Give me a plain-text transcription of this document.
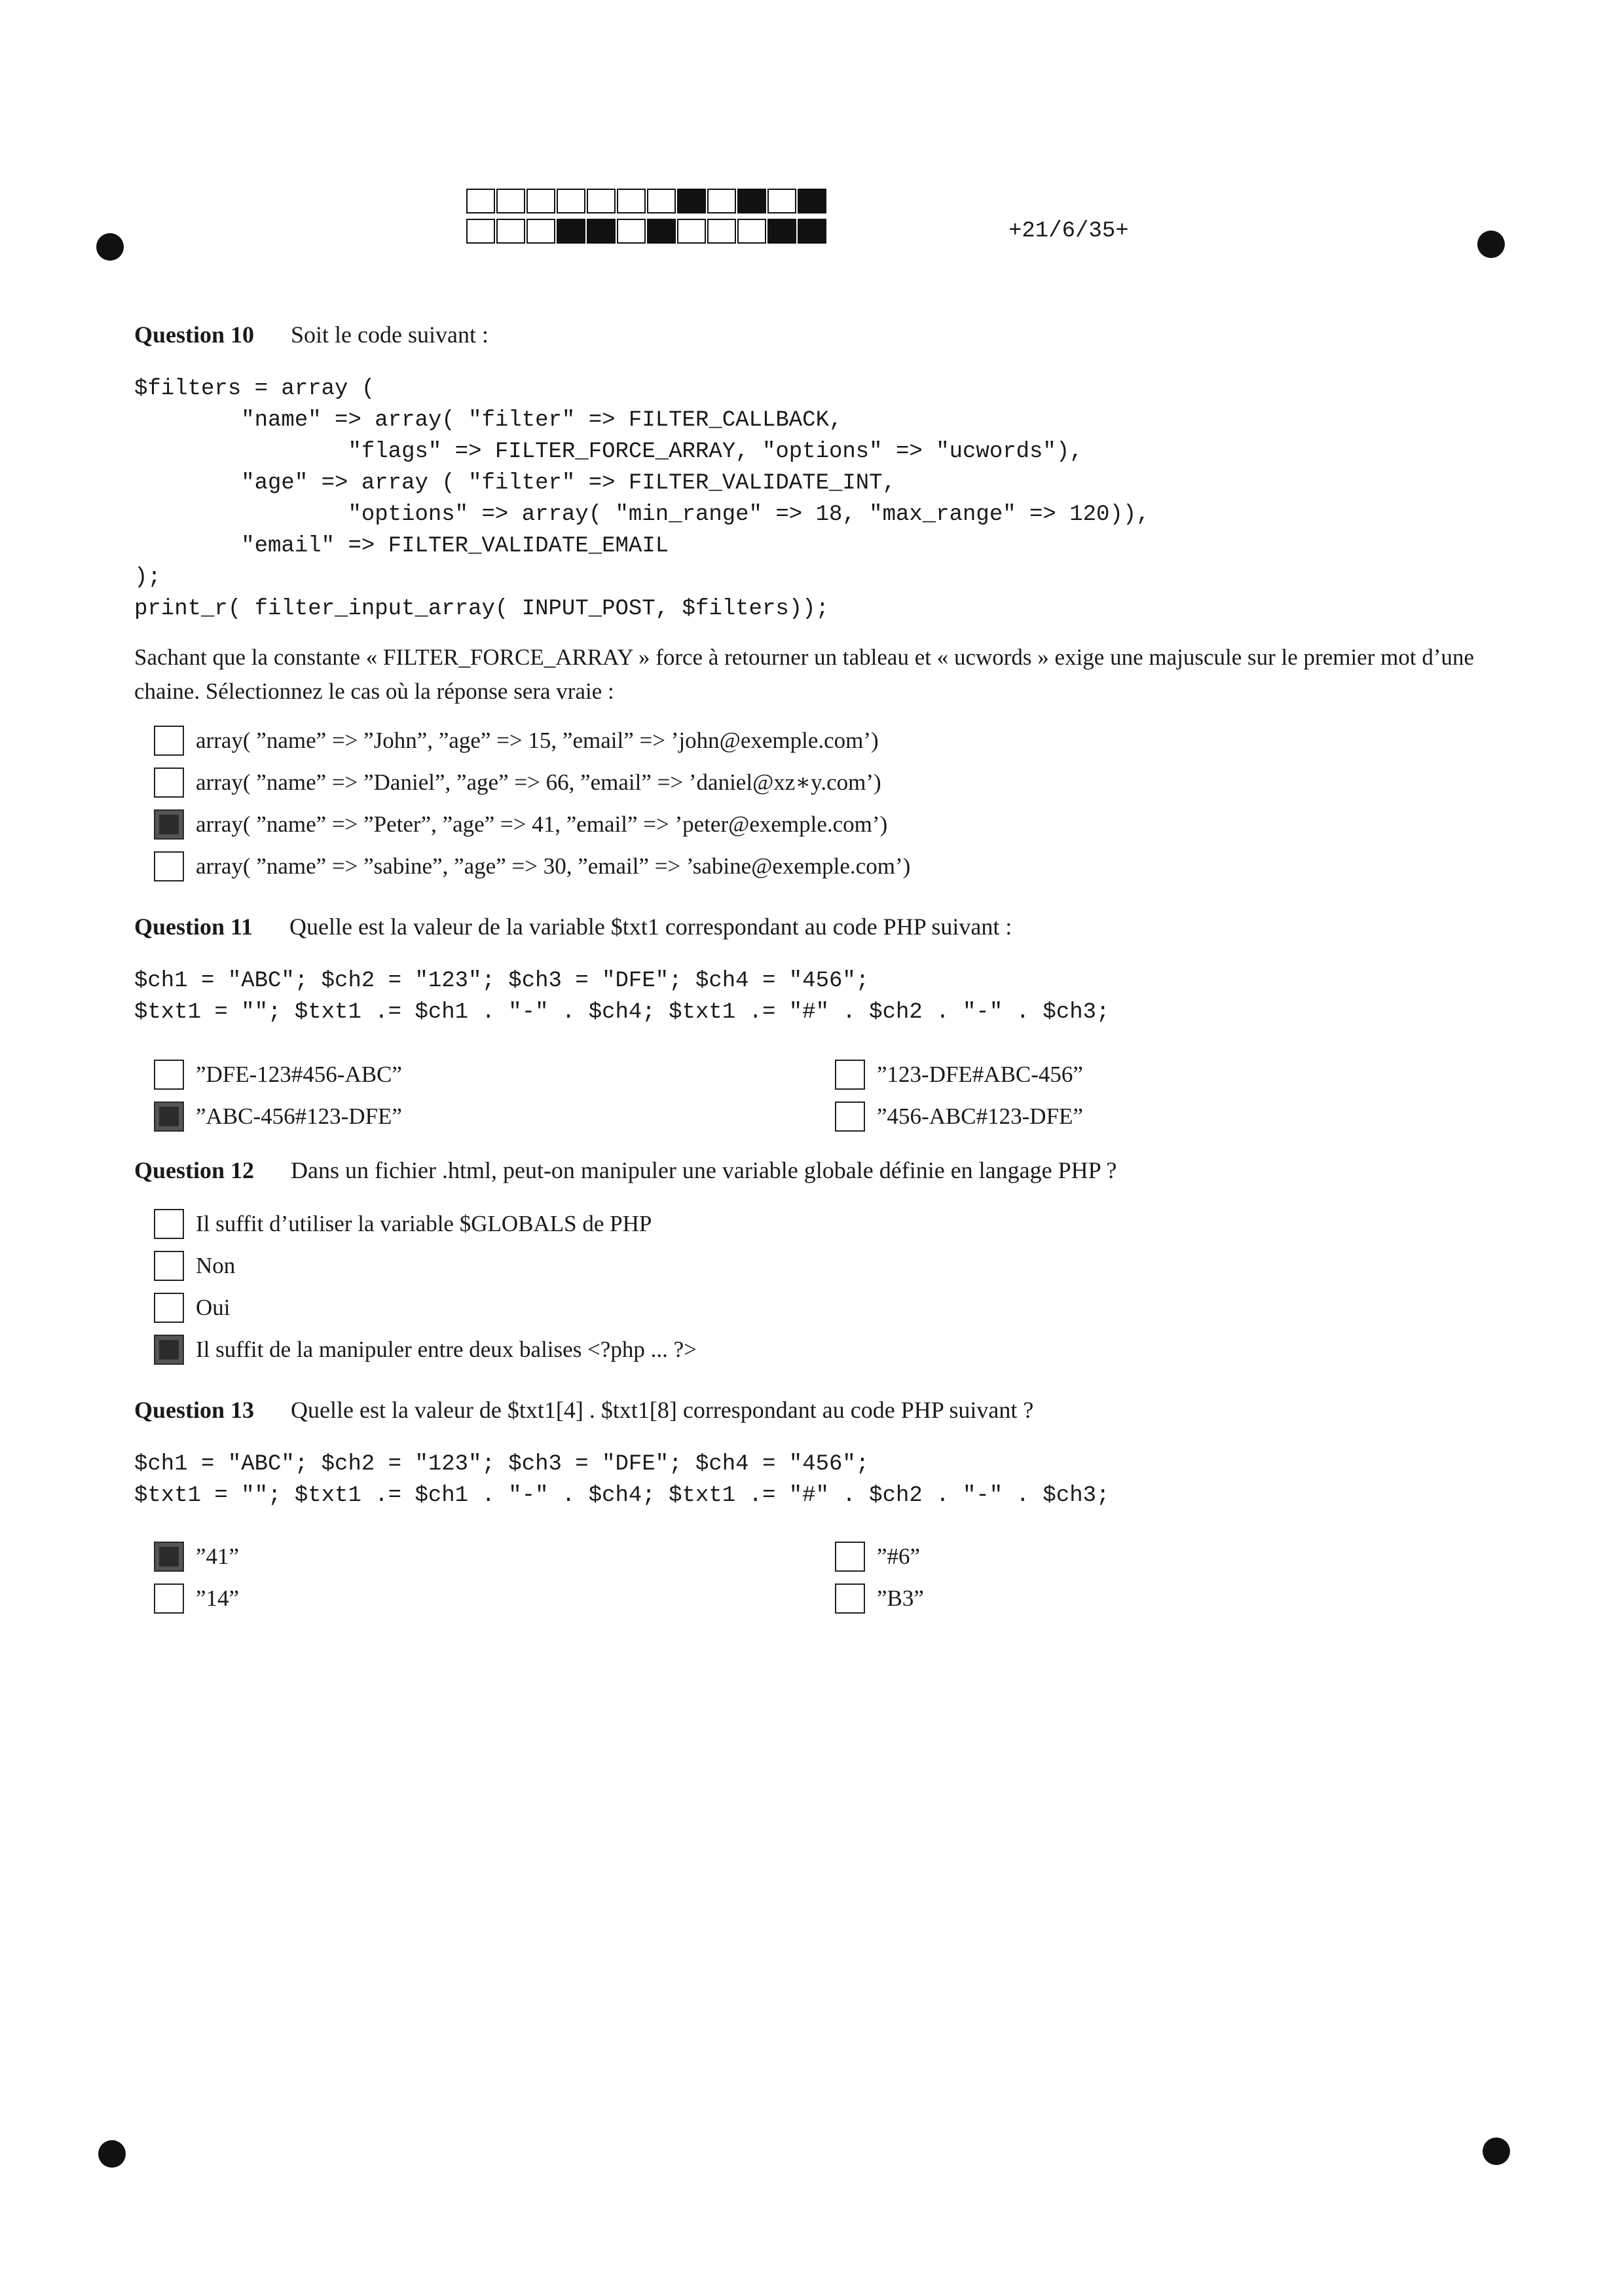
+21/6/35+
Question 10 Soit le code suivant :
$filters = array (
"name" => array( "filter" => FILTER_CALLBACK,
"flags" => FILTER_FORCE_ARRAY, "options" => "ucwords"),
"age" => array ( "filter" => FILTER_VALIDATE_INT,
"options" => array( "min_range" => 18, "max_range" => 120)),
"email" => FILTER_VALIDATE_EMAIL
);
print_r( filter_input_array( INPUT_POST, $filters));

Sachant que la constante « FILTER_FORCE_ARRAY » force à retourner un tableau et « ucwords » exige une majuscule sur le premier mot d’une chaine. Sélectionnez le cas où la réponse sera vraie :

array( ”name” => ”John”, ”age” => 15, ”email” => ’john@exemple.com’)
array( ”name” => ”Daniel”, ”age” => 66, ”email” => ’daniel@xz∗y.com’)
array( ”name” => ”Peter”, ”age” => 41, ”email” => ’peter@exemple.com’)
array( ”name” => ”sabine”, ”age” => 30, ”email” => ’sabine@exemple.com’)
Question 11 Quelle est la valeur de la variable $txt1 correspondant au code PHP suivant :
$ch1 = "ABC"; $ch2 = "123"; $ch3 = "DFE"; $ch4 = "456";
$txt1 = ""; $txt1 .= $ch1 . "-" . $ch4; $txt1 .= "#" . $ch2 . "-" . $ch3;
”DFE-123#456-ABC”
”ABC-456#123-DFE”
”123-DFE#ABC-456”
”456-ABC#123-DFE”
Question 12 Dans un fichier .html, peut-on manipuler une variable globale définie en langage PHP ?
Il suffit d’utiliser la variable $GLOBALS de PHP
Non
Oui
Il suffit de la manipuler entre deux balises <?php ... ?>
Question 13 Quelle est la valeur de $txt1[4] . $txt1[8] correspondant au code PHP suivant ?
$ch1 = "ABC"; $ch2 = "123"; $ch3 = "DFE"; $ch4 = "456";
$txt1 = ""; $txt1 .= $ch1 . "-" . $ch4; $txt1 .= "#" . $ch2 . "-" . $ch3;
”41”
”14”
”#6”
”B3”
